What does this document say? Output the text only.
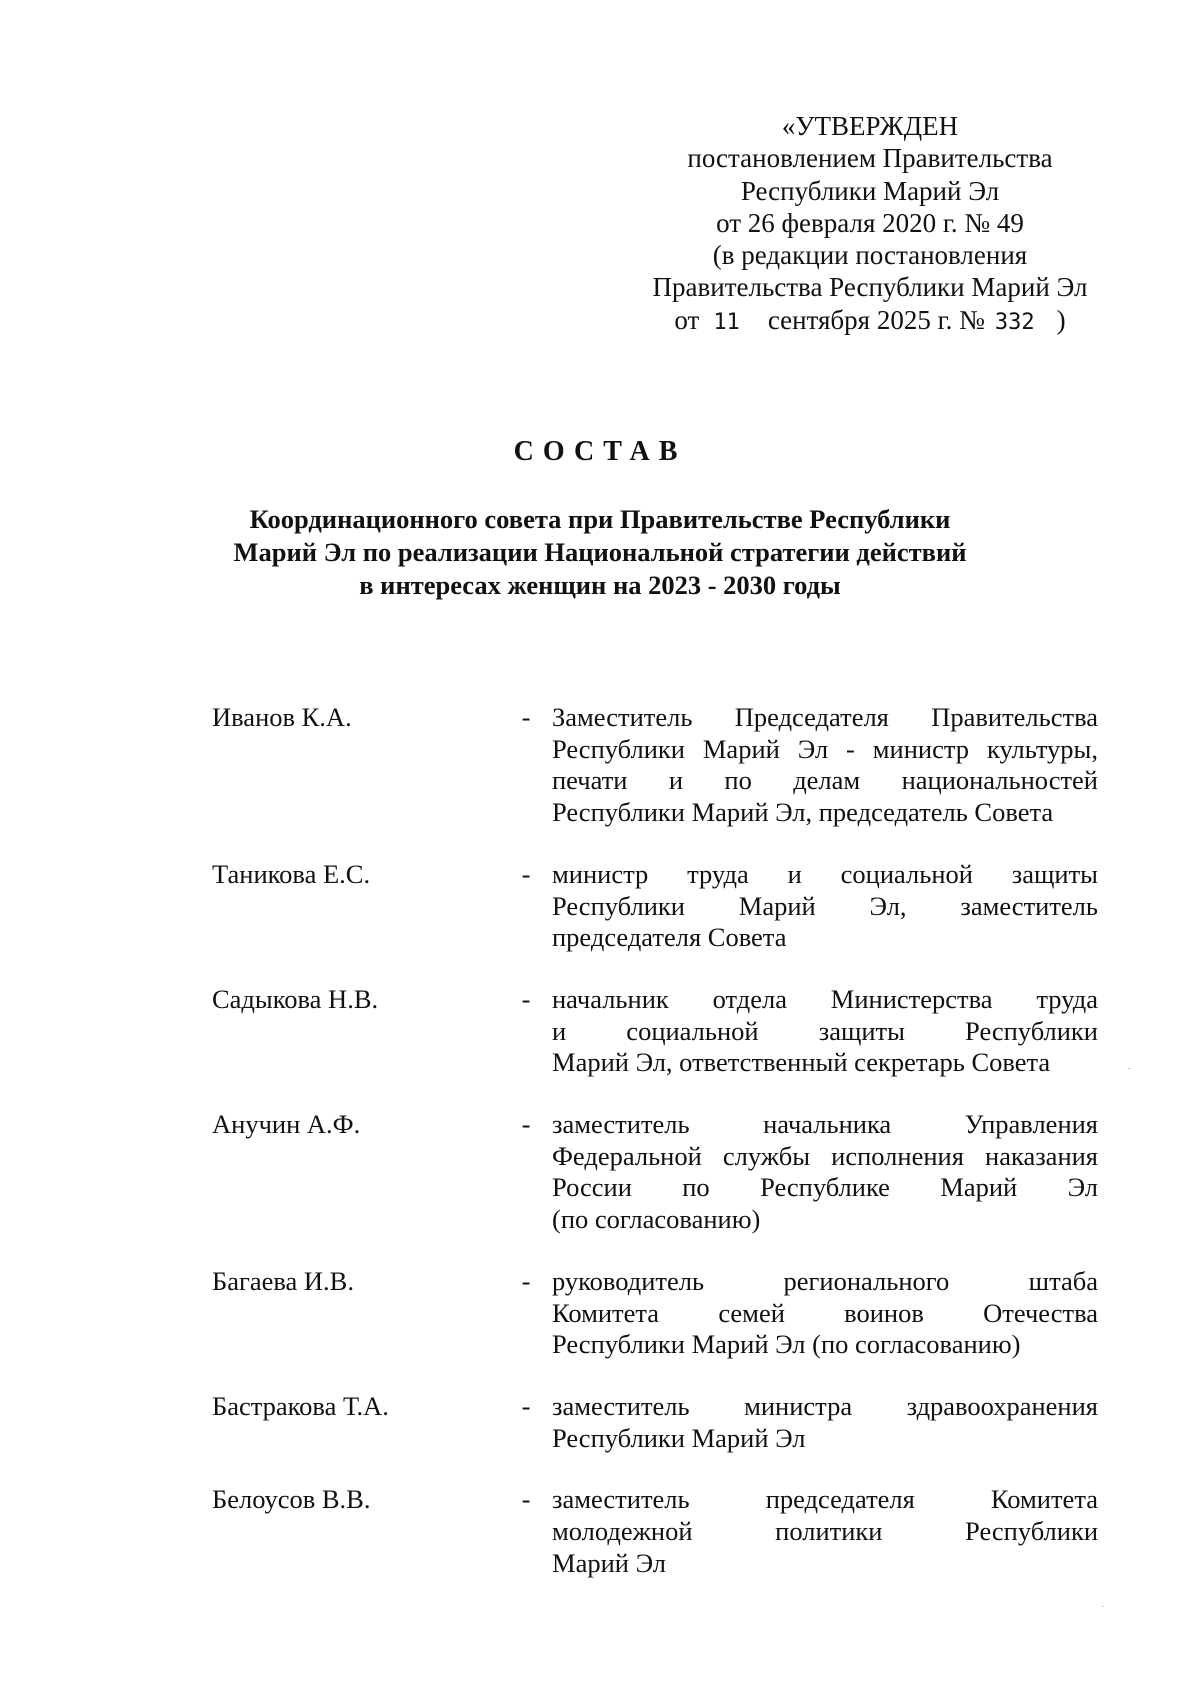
«УТВЕРЖДЕН
постановлением Правительства
Республики Марий Эл
от 26 февраля 2020 г. № 49
(в редакции постановления
Правительства Республики Марий Эл
от 11 сентября 2025 г. № 332 )
СОСТАВ
Координационного совета при Правительстве Республики
Марий Эл по реализации Национальной стратегии действий
в интересах женщин на 2023 - 2030 годы
Иванов К.А.	- Заместитель Председателя Правительства
Республики Марий Эл - министр культуры,
печати и по делам национальностей
Республики Марий Эл, председатель Совета
Таникова Е.С.	- министр труда и социальной защиты
Республики Марий Эл, заместитель
председателя Совета
Садыкова Н.В.	- начальник отдела Министерства труда
и социальной защиты Республики
Марий Эл, ответственный секретарь Совета
Анучин А.Ф.	- заместитель начальника Управления
Федеральной службы исполнения наказания
России по Республике Марий Эл
(по согласованию)
Багаева И.В.	- руководитель регионального штаба
Комитета семей воинов Отечества
Республики Марий Эл (по согласованию)
Бастракова Т.А.	- заместитель министра здравоохранения
Республики Марий Эл
Белоусов В.В.	- заместитель председателя Комитета
молодежной политики Республики
Марий Эл
